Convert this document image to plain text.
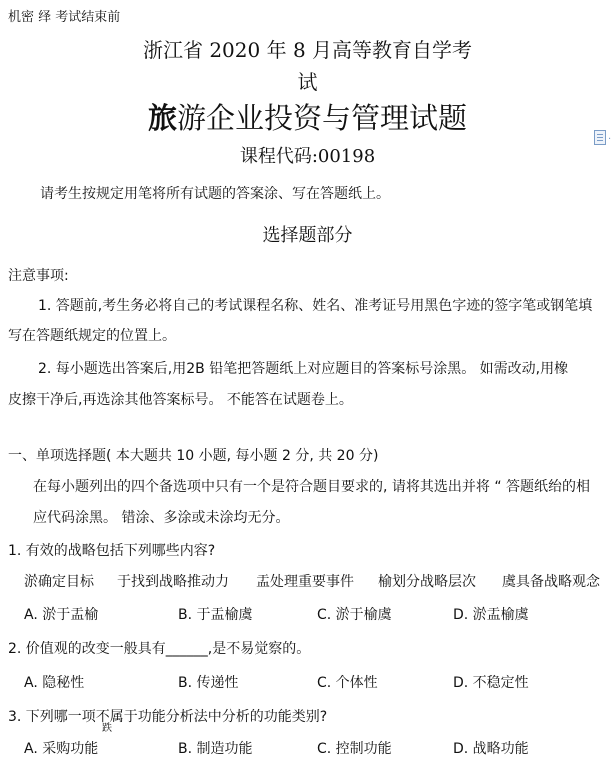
机密 绎 考试结束前
浙江省 2020 年 8 月高等教育自学考
试
旅游企业投资与管理试题
课程代码:00198
·
请考生按规定用笔将所有试题的答案涂、写在答题纸上。
选择题部分
注意事项:
1. 答题前,考生务必将自己的考试课程名称、姓名、准考证号用黑色字迹的签字笔或钢笔填
写在答题纸规定的位置上。
2. 每小题选出答案后,用2B 铅笔把答题纸上对应题目的答案标号涂黑。 如需改动,用橡
皮擦干净后,再选涂其他答案标号。 不能答在试题卷上。
一、单项选择题( 本大题共 10 小题, 每小题 2 分, 共 20 分)
在每小题列出的四个备选项中只有一个是符合题目要求的, 请将其选出并将 “ 答题纸绐的相
应代码涂黑。 错涂、多涂或未涂均无分。
1. 有效的战略包括下列哪些内容?
淤确定目标 于找到战略推动力 盂处理重要事件 榆划分战略层次 虞具备战略观念
A. 淤于盂榆	B. 于盂榆虞	C. 淤于榆虞	D. 淤盂榆虞
2. 价值观的改变一般具有______,是不易觉察的。
A. 隐秘性	B. 传递性	C. 个体性	D. 不稳定性
3. 下列哪一项不属于功能分析法中分析的功能类别?
跌
A. 采购功能	B. 制造功能	C. 控制功能	D. 战略功能
